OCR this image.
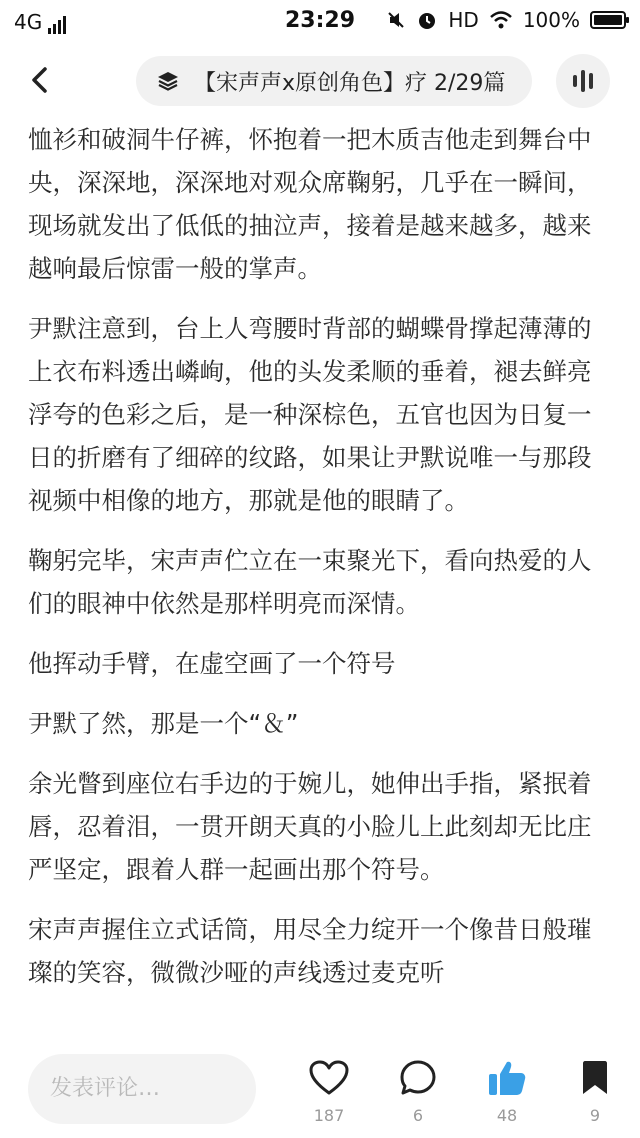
4G	23:29	HD 100%
【宋声声x原创角色】疗 2/29篇

恤衫和破洞牛仔裤，怀抱着一把木质吉他走到舞台中央，深深地，深深地对观众席鞠躬，几乎在一瞬间，现场就发出了低低的抽泣声，接着是越来越多，越来越响最后惊雷一般的掌声。

尹默注意到，台上人弯腰时背部的蝴蝶骨撑起薄薄的上衣布料透出嶙峋，他的头发柔顺的垂着，褪去鲜亮浮夸的色彩之后，是一种深棕色，五官也因为日复一日的折磨有了细碎的纹路，如果让尹默说唯一与那段视频中相像的地方，那就是他的眼睛了。

鞠躬完毕，宋声声伫立在一束聚光下，看向热爱的人们的眼神中依然是那样明亮而深情。

他挥动手臂，在虚空画了一个符号

尹默了然，那是一个“＆”

余光瞥到座位右手边的于婉儿，她伸出手指，紧抿着唇，忍着泪，一贯开朗天真的小脸儿上此刻却无比庄严坚定，跟着人群一起画出那个符号。

宋声声握住立式话筒，用尽全力绽开一个像昔日般璀璨的笑容，微微沙哑的声线透过麦克听

发表评论…
187	6	48	9
